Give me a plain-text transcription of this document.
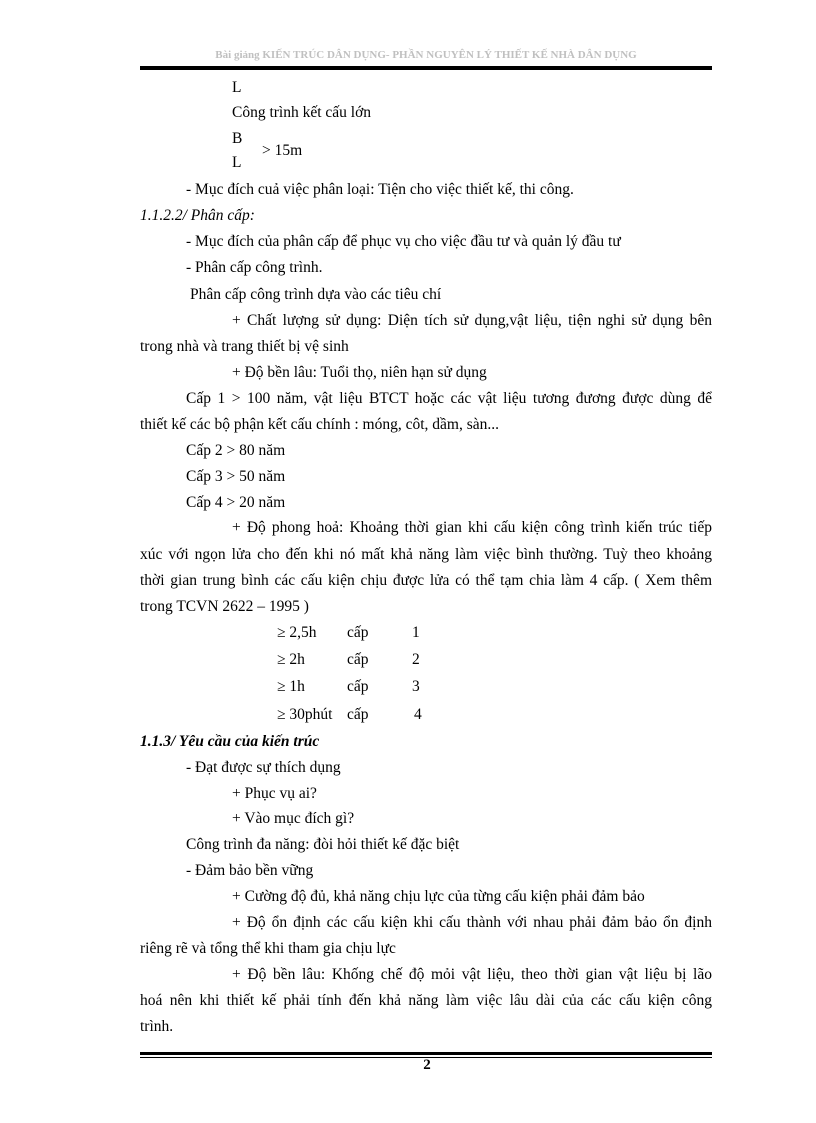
Bài giảng KIẾN TRÚC DÂN DỤNG- PHẦN NGUYÊN LÝ THIẾT KẾ NHÀ DÂN DỤNG
L
Công trình kết cấu lớn
B
> 15m
L
- Mục đích cuả việc phân loại: Tiện cho việc thiết kế, thi công.
1.1.2.2/ Phân cấp:
- Mục đích của phân cấp để phục vụ cho việc đầu tư và quản lý đầu tư
- Phân cấp công trình.
Phân cấp công trình dựa vào các tiêu chí
+ Chất lượng sử dụng: Diện tích sử dụng,vật liệu, tiện nghi sử dụng bên
trong nhà và trang thiết bị vệ sinh
+ Độ bền lâu: Tuổi thọ, niên hạn sử dụng
Cấp 1 > 100 năm, vật liệu BTCT hoặc các vật liệu tương đương được dùng để
thiết kế các bộ phận kết cấu chính : móng, côt, dầm, sàn...
Cấp 2 > 80 năm
Cấp 3 > 50 năm
Cấp 4 > 20 năm
+ Độ phong hoả: Khoảng thời gian khi cấu kiện công trình kiến trúc tiếp
xúc với ngọn lửa cho đến khi nó mất khả năng làm việc bình thường. Tuỳ theo khoảng
thời gian trung bình các cấu kiện chịu được lửa có thể tạm chia làm 4 cấp. ( Xem thêm
trong TCVN 2622 – 1995 )
≥ 2,5h cấp	1
≥ 2h	cấp	2
≥ 1h	cấp	3
≥ 30phút cấp	4
1.1.3/ Yêu cầu của kiến trúc
- Đạt được sự thích dụng
+ Phục vụ ai?
+ Vào mục đích gì?
Công trình đa năng: đòi hỏi thiết kế đặc biệt
- Đảm bảo bền vững
+ Cường độ đủ, khả năng chịu lực của từng cấu kiện phải đảm bảo
+ Độ ổn định các cấu kiện khi cấu thành với nhau phải đảm bảo ổn định
riêng rẽ và tổng thể khi tham gia chịu lực
+ Độ bền lâu: Khống chế độ mỏi vật liệu, theo thời gian vật liệu bị lão
hoá nên khi thiết kế phải tính đến khả năng làm việc lâu dài của các cấu kiện công
trình.
2
